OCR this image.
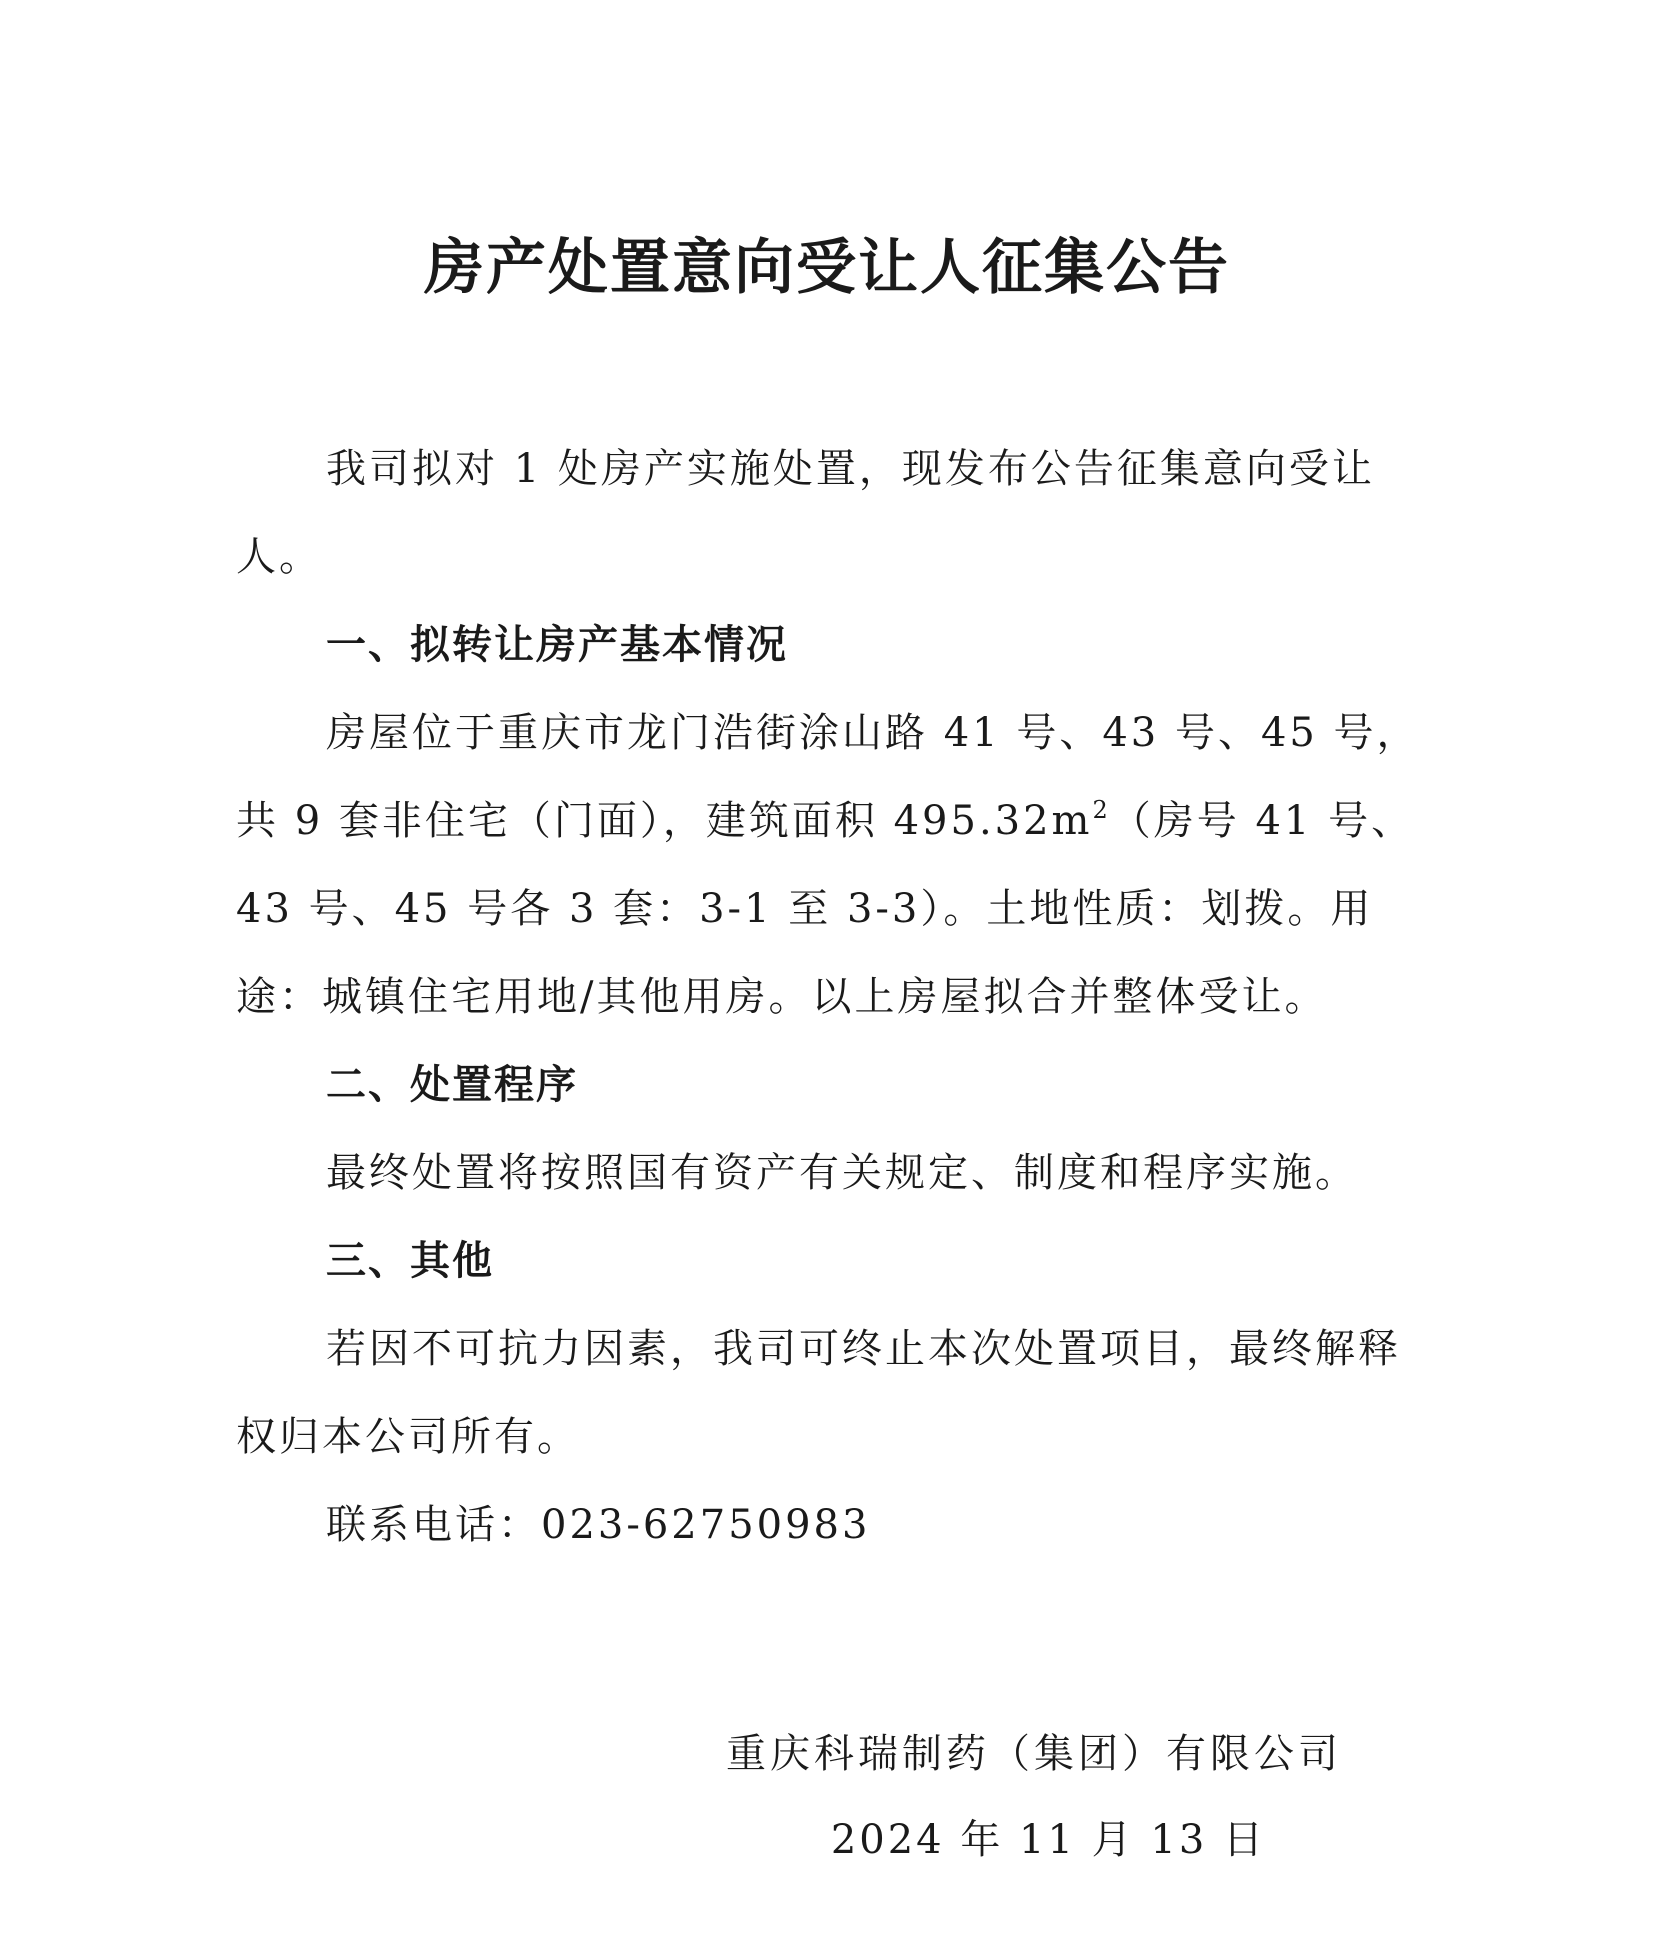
房产处置意向受让人征集公告

我司拟对 1 处房产实施处置，现发布公告征集意向受让人。

一、拟转让房产基本情况

房屋位于重庆市龙门浩街涂山路 41 号、43 号、45 号，共 9 套非住宅（门面），建筑面积 $495.32m^2$（房号 41 号、43 号、45 号各 3 套：3-1 至 3-3）。土地性质：划拨。用途：城镇住宅用地/其他用房。以上房屋拟合并整体受让。

二、处置程序

最终处置将按照国有资产有关规定、制度和程序实施。

三、其他

若因不可抗力因素，我司可终止本次处置项目，最终解释权归本公司所有。

联系电话：023-62750983

重庆科瑞制药（集团）有限公司
2024 年 11 月 13 日
